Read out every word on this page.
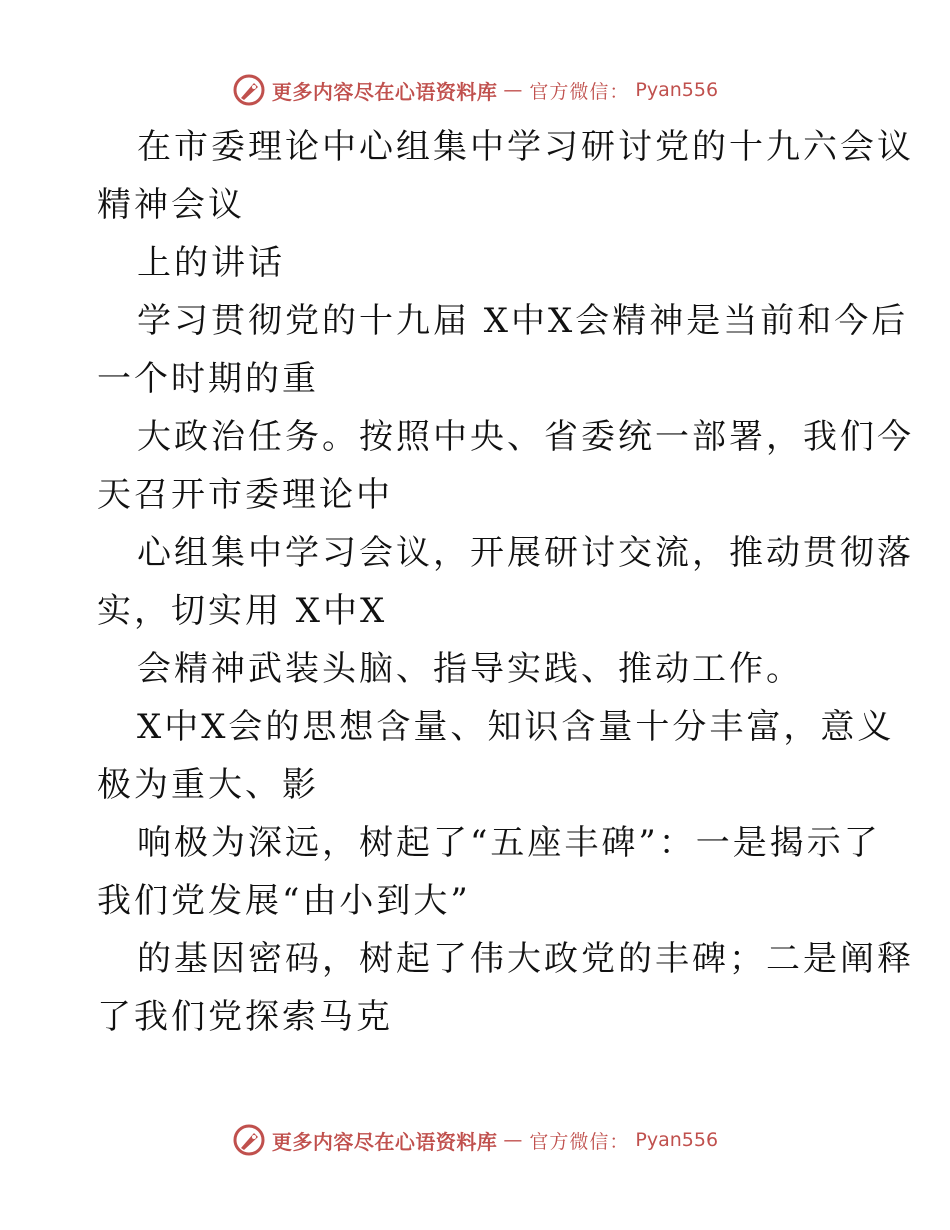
更多内容尽在心语资料库 — 官方微信： Pyan556
在市委理论中心组集中学习研讨党的十九六会议
精神会议
上的讲话
学习贯彻党的十九届 X中X会精神是当前和今后
一个时期的重
大政治任务。按照中央、省委统一部署，我们今
天召开市委理论中
心组集中学习会议，开展研讨交流，推动贯彻落
实，切实用 X中X
会精神武装头脑、指导实践、推动工作。
X中X会的思想含量、知识含量十分丰富，意义
极为重大、影
响极为深远，树起了“五座丰碑”：一是揭示了
我们党发展“由小到大”
的基因密码，树起了伟大政党的丰碑；二是阐释
了我们党探索马克
更多内容尽在心语资料库 — 官方微信： Pyan556
